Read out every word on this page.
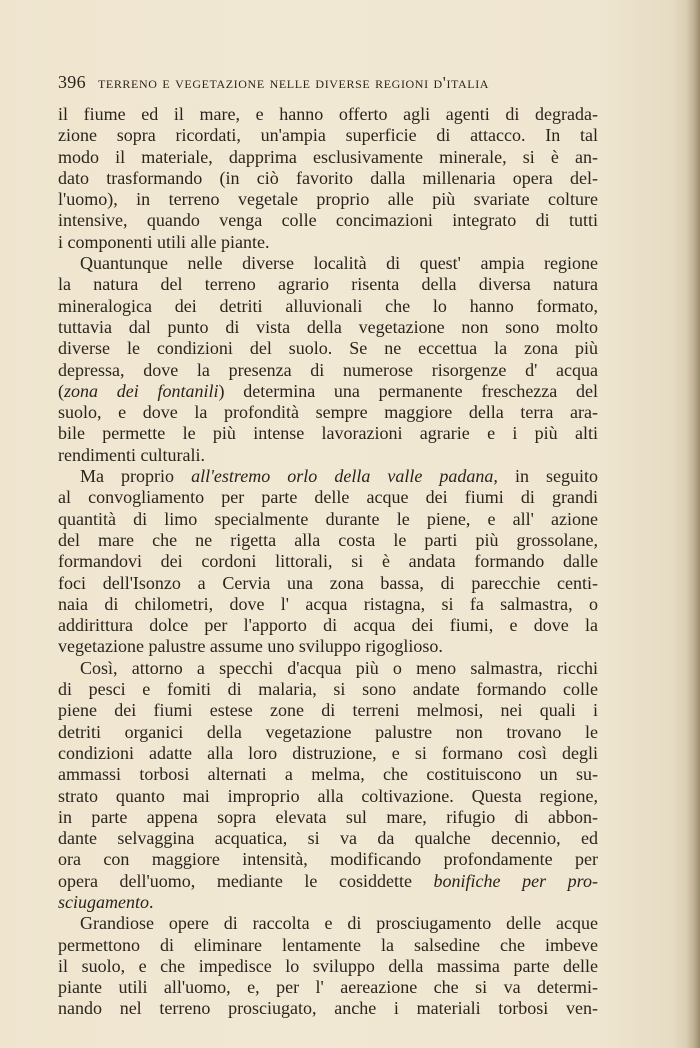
396 terreno e vegetazione nelle diverse regioni d'italia
il fiume ed il mare, e hanno offerto agli agenti di degrada-
zione sopra ricordati, un'ampia superficie di attacco. In tal
modo il materiale, dapprima esclusivamente minerale, si è an-
dato trasformando (in ciò favorito dalla millenaria opera del-
l'uomo), in terreno vegetale proprio alle più svariate colture
intensive, quando venga colle concimazioni integrato di tutti
i componenti utili alle piante.
Quantunque nelle diverse località di quest' ampia regione
la natura del terreno agrario risenta della diversa natura
mineralogica dei detriti alluvionali che lo hanno formato,
tuttavia dal punto di vista della vegetazione non sono molto
diverse le condizioni del suolo. Se ne eccettua la zona più
depressa, dove la presenza di numerose risorgenze d' acqua
(zona dei fontanili) determina una permanente freschezza del
suolo, e dove la profondità sempre maggiore della terra ara-
bile permette le più intense lavorazioni agrarie e i più alti
rendimenti culturali.
Ma proprio all'estremo orlo della valle padana, in seguito
al convogliamento per parte delle acque dei fiumi di grandi
quantità di limo specialmente durante le piene, e all' azione
del mare che ne rigetta alla costa le parti più grossolane,
formandovi dei cordoni littorali, si è andata formando dalle
foci dell'Isonzo a Cervia una zona bassa, di parecchie centi-
naia di chilometri, dove l' acqua ristagna, si fa salmastra, o
addirittura dolce per l'apporto di acqua dei fiumi, e dove la
vegetazione palustre assume uno sviluppo rigoglioso.
Così, attorno a specchi d'acqua più o meno salmastra, ricchi
di pesci e fomiti di malaria, si sono andate formando colle
piene dei fiumi estese zone di terreni melmosi, nei quali i
detriti organici della vegetazione palustre non trovano le
condizioni adatte alla loro distruzione, e si formano così degli
ammassi torbosi alternati a melma, che costituiscono un su-
strato quanto mai improprio alla coltivazione. Questa regione,
in parte appena sopra elevata sul mare, rifugio di abbon-
dante selvaggina acquatica, si va da qualche decennio, ed
ora con maggiore intensità, modificando profondamente per
opera dell'uomo, mediante le cosiddette bonifiche per pro-
sciugamento.
Grandiose opere di raccolta e di prosciugamento delle acque
permettono di eliminare lentamente la salsedine che imbeve
il suolo, e che impedisce lo sviluppo della massima parte delle
piante utili all'uomo, e, per l' aereazione che si va determi-
nando nel terreno prosciugato, anche i materiali torbosi ven-
